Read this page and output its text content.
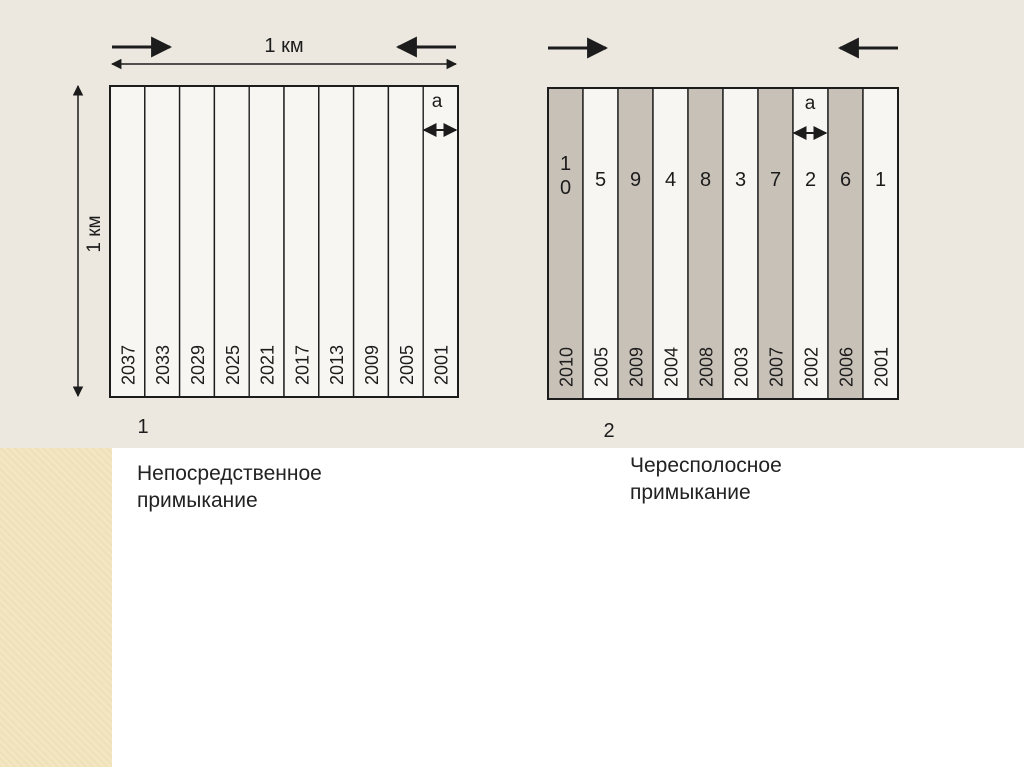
2037 2033 2029 2025 2021 2017 2013 2009 2005 2001
1 км
1 км
а
1
2010
1 0
2005
5
2009
9
2004
4
2008
8
2003
3
2007
7
2002
2
2006
6
2001
1
а
2
Непосредственное
примыкание
Чересполосное
примыкание
